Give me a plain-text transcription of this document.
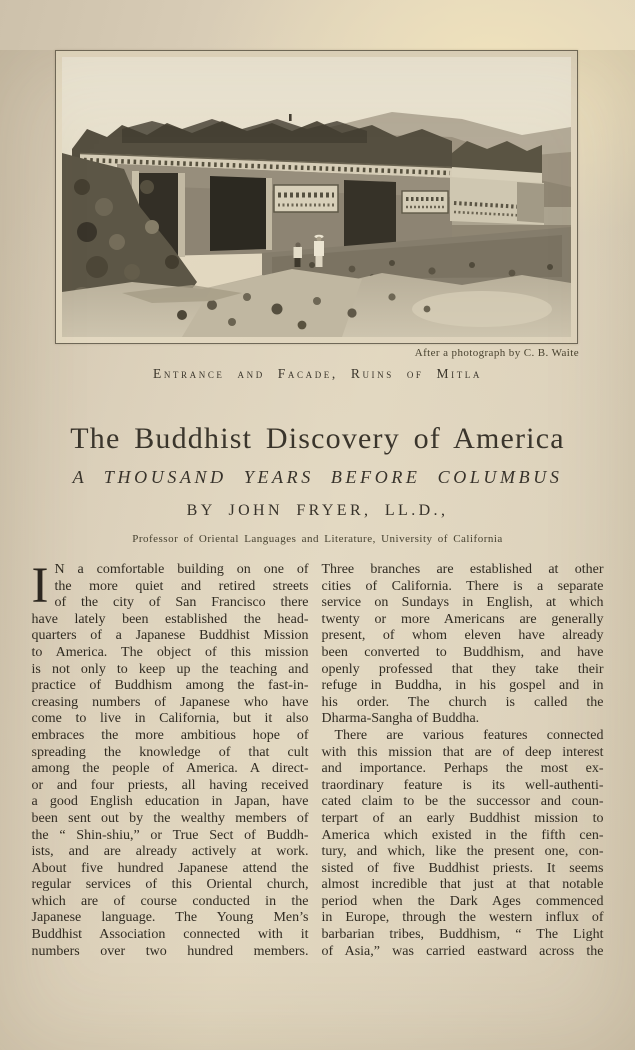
After a photograph by C. B. Waite
Entrance and Facade, Ruins of Mitla
The Buddhist Discovery of America
A THOUSAND YEARS BEFORE COLUMBUS
BY JOHN FRYER, LL.D.,
Professor of Oriental Languages and Literature, University of California
I N a comfortable building on one of
the more quiet and retired streets
of the city of San Francisco there
have lately been established the head-
quarters of a Japanese Buddhist Mission
to America. The object of this mission
is not only to keep up the teaching and
practice of Buddhism among the fast-in-
creasing numbers of Japanese who have
come to live in California, but it also
embraces the more ambitious hope of
spreading the knowledge of that cult
among the people of America. A direct-
or and four priests, all having received
a good English education in Japan, have
been sent out by the wealthy members of
the “ Shin-shiu,” or True Sect of Buddh-
ists, and are already actively at work.
About five hundred Japanese attend the
regular services of this Oriental church,
which are of course conducted in the
Japanese language. The Young Men’s
Buddhist Association connected with it
numbers over two hundred members.
Three branches are established at other
cities of California. There is a separate
service on Sundays in English, at which
twenty or more Americans are generally
present, of whom eleven have already
been converted to Buddhism, and have
openly professed that they take their
refuge in Buddha, in his gospel and in
his order. The church is called the
Dharma-Sangha of Buddha.
There are various features connected
with this mission that are of deep interest
and importance. Perhaps the most ex-
traordinary feature is its well-authenti-
cated claim to be the successor and coun-
terpart of an early Buddhist mission to
America which existed in the fifth cen-
tury, and which, like the present one, con-
sisted of five Buddhist priests. It seems
almost incredible that just at that notable
period when the Dark Ages commenced
in Europe, through the western influx of
barbarian tribes, Buddhism, “ The Light
of Asia,” was carried eastward across the
